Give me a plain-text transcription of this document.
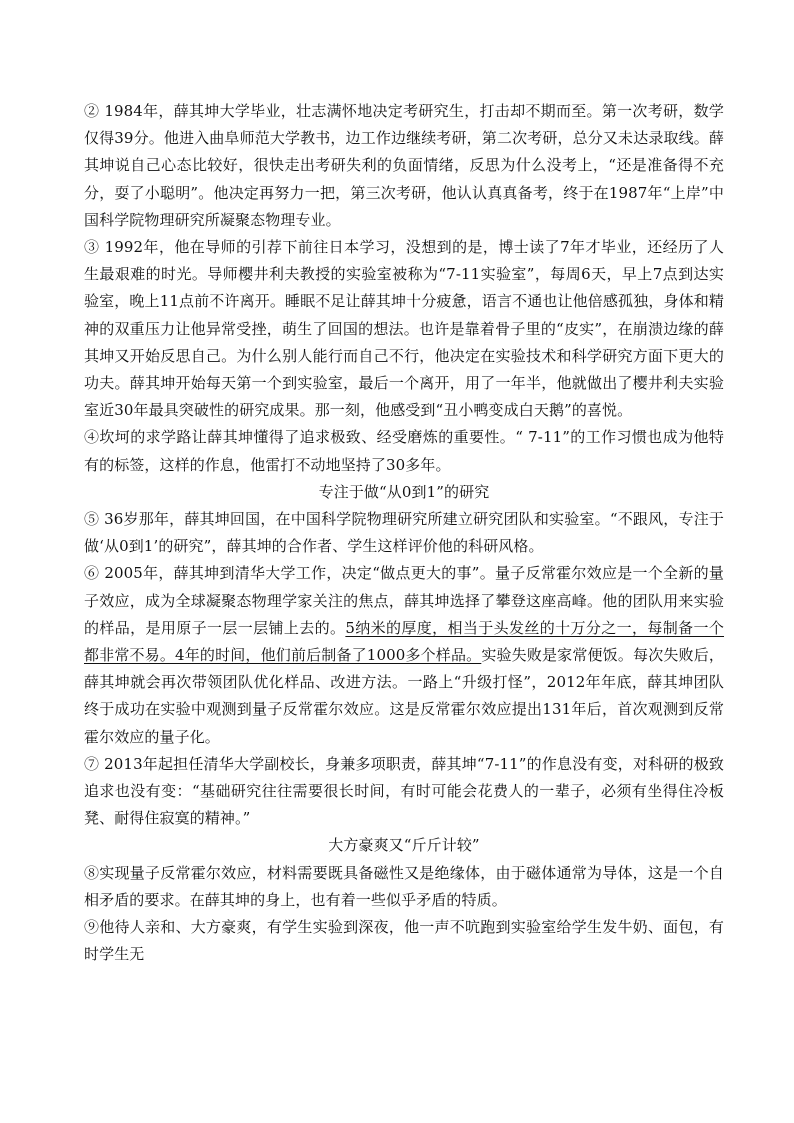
② 1984年，薛其坤大学毕业，壮志满怀地决定考研究生，打击却不期而至。第一次考研，数学仅得39分。他进入曲阜师范大学教书，边工作边继续考研，第二次考研，总分又未达录取线。薛其坤说自己心态比较好，很快走出考研失利的负面情绪，反思为什么没考上，“还是准备得不充分，耍了小聪明”。他决定再努力一把，第三次考研，他认认真真备考，终于在1987年“上岸”中国科学院物理研究所凝聚态物理专业。

③ 1992年，他在导师的引荐下前往日本学习，没想到的是，博士读了7年才毕业，还经历了人生最艰难的时光。导师樱井利夫教授的实验室被称为“7-11实验室”，每周6天，早上7点到达实验室，晚上11点前不许离开。睡眠不足让薛其坤十分疲惫，语言不通也让他倍感孤独，身体和精神的双重压力让他异常受挫，萌生了回国的想法。也许是靠着骨子里的“皮实”，在崩溃边缘的薛其坤又开始反思自己。为什么别人能行而自己不行，他决定在实验技术和科学研究方面下更大的功夫。薛其坤开始每天第一个到实验室，最后一个离开，用了一年半，他就做出了樱井利夫实验室近30年最具突破性的研究成果。那一刻，他感受到“丑小鸭变成白天鹅”的喜悦。

④坎坷的求学路让薛其坤懂得了追求极致、经受磨炼的重要性。“ 7-11”的工作习惯也成为他特有的标签，这样的作息，他雷打不动地坚持了30多年。

专注于做“从0到1”的研究

⑤ 36岁那年，薛其坤回国，在中国科学院物理研究所建立研究团队和实验室。“不跟风，专注于做‘从0到1’的研究”，薛其坤的合作者、学生这样评价他的科研风格。

⑥ 2005年，薛其坤到清华大学工作，决定“做点更大的事”。量子反常霍尔效应是一个全新的量子效应，成为全球凝聚态物理学家关注的焦点，薛其坤选择了攀登这座高峰。他的团队用来实验的样品，是用原子一层一层铺上去的。5纳米的厚度，相当于头发丝的十万分之一，每制备一个都非常不易。4年的时间，他们前后制备了1000多个样品。实验失败是家常便饭。每次失败后，薛其坤就会再次带领团队优化样品、改进方法。一路上“升级打怪”，2012年年底，薛其坤团队终于成功在实验中观测到量子反常霍尔效应。这是反常霍尔效应提出131年后，首次观测到反常霍尔效应的量子化。

⑦ 2013年起担任清华大学副校长，身兼多项职责，薛其坤“7-11”的作息没有变，对科研的极致追求也没有变：“基础研究往往需要很长时间，有时可能会花费人的一辈子，必须有坐得住冷板凳、耐得住寂寞的精神。”

大方豪爽又“斤斤计较”

⑧实现量子反常霍尔效应，材料需要既具备磁性又是绝缘体，由于磁体通常为导体，这是一个自相矛盾的要求。在薛其坤的身上，也有着一些似乎矛盾的特质。

⑨他待人亲和、大方豪爽，有学生实验到深夜，他一声不吭跑到实验室给学生发牛奶、面包，有时学生无
